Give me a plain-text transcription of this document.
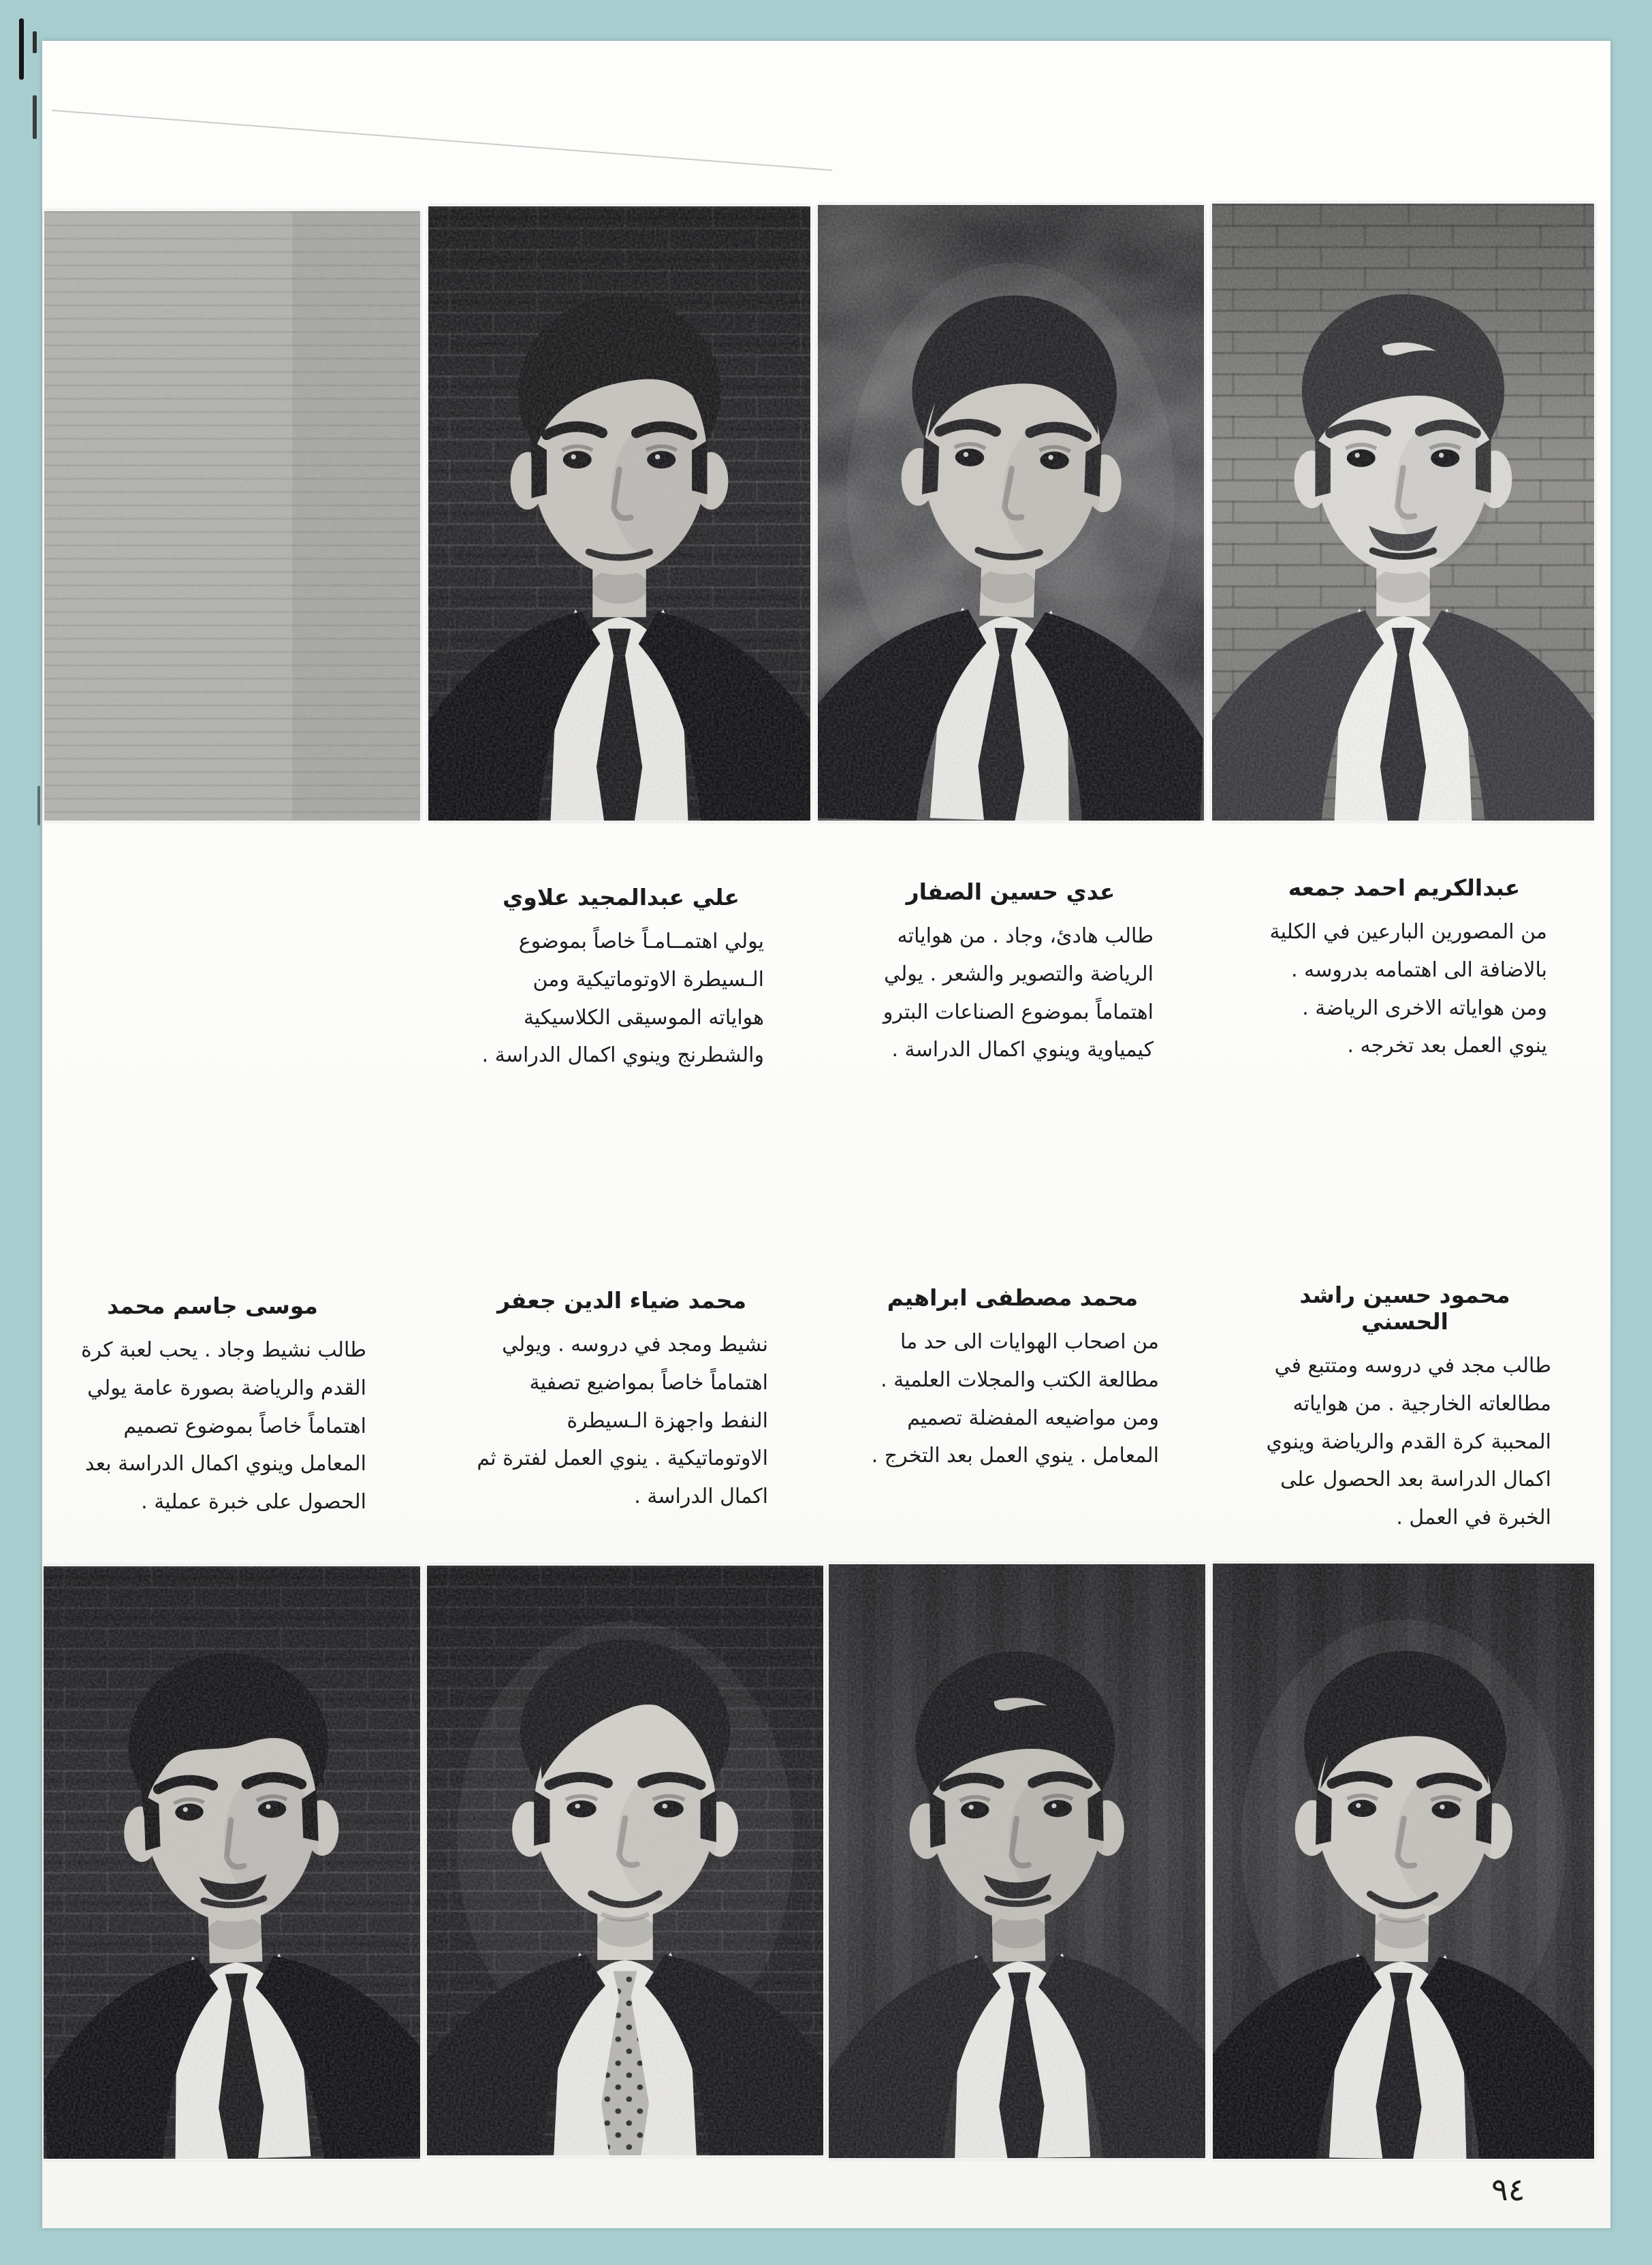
علي عبدالمجيد علاوي
يولي اهتمــامـاً خاصاً بموضوع الـسيطرة الاوتوماتيكية ومن هواياته الموسيقى الكلاسيكية والشطرنج وينوي اكمال الدراسة .
عدي حسين الصفار
طالب هادئ، وجاد . من هواياته الرياضة والتصوير والشعر . يولي اهتماماً بموضوع الصناعات البترو كيمياوية وينوي اكمال الدراسة .
عبدالكريم احمد جمعه
من المصورين البارعين في الكلية بالاضافة الى اهتمامه بدروسه . ومن هواياته الاخرى الرياضة . ينوي العمل بعد تخرجه .
موسى جاسم محمد
طالب نشيط وجاد . يحب لعبة كرة القدم والرياضة بصورة عامة يولي اهتماماً خاصاً بموضوع تصميم المعامل وينوي اكمال الدراسة بعد الحصول على خبرة عملية .
محمد ضياء الدين جعفر
نشيط ومجد في دروسه . ويولي اهتماماً خاصاً بمواضيع تصفية النفط واجهزة الـسيطرة الاوتوماتيكية . ينوي العمل لفترة ثم اكمال الدراسة .
محمد مصطفى ابراهيم
من اصحاب الهوايات الى حد ما مطالعة الكتب والمجلات العلمية . ومن مواضيعه المفضلة تصميم المعامل . ينوي العمل بعد التخرج .
محمود حسين راشد الحسني
طالب مجد في دروسه ومتتبع في مطالعاته الخارجية . من هواياته المحببة كرة القدم والرياضة وينوي اكمال الدراسة بعد الحصول على الخبرة في العمل .
٩٤
